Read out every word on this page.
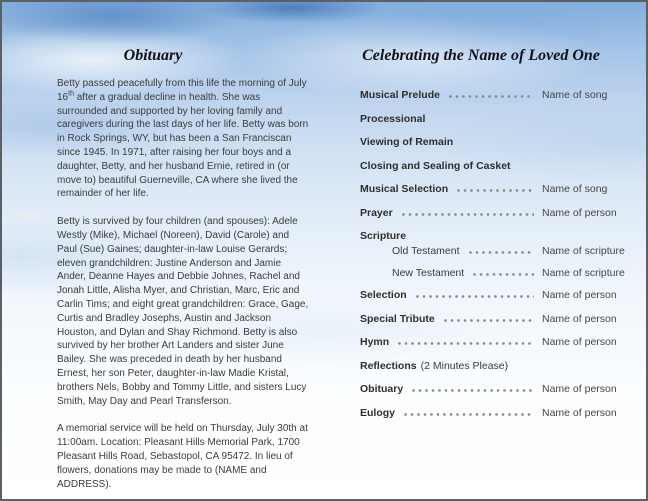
Servi
Obituary

Betty passed peacefully from this life the morning of July 16th after a gradual decline in health. She was surrounded and supported by her loving family and caregivers during the last days of her life. Betty was born in Rock Springs, WY, but has been a San Franciscan since 1945. In 1971, after raising her four boys and a daughter, Betty, and her husband Ernie, retired in (or move to) beautiful Guerneville, CA where she lived the remainder of her life.

Betty is survived by four children (and spouses): Adele Westly (Mike), Michael (Noreen), David (Carole) and Paul (Sue) Gaines; daughter-in-law Louise Gerards; eleven grandchildren: Justine Anderson and Jamie Ander, Deanne Hayes and Debbie Johnes, Rachel and Jonah Little, Alisha Myer, and Christian, Marc, Eric and Carlin Tims; and eight great grandchildren: Grace, Gage, Curtis and Bradley Josephs, Austin and Jackson Houston, and Dylan and Shay Richmond. Betty is also survived by her brother Art Landers and sister June Bailey. She was preceded in death by her husband Ernest, her son Peter, daughter-in-law Madie Kristal, brothers Nels, Bobby and Tommy Little, and sisters Lucy Smith, May Day and Pearl Transferson.

A memorial service will be held on Thursday, July 30th at 11:00am. Location: Pleasant Hills Memorial Park, 1700 Pleasant Hills Road, Sebastopol, CA 95472. In lieu of flowers, donations may be made to (NAME and ADDRESS).

Celebrating the Name of Loved One
Musical Prelude	Name of song
Processional
Viewing of Remain
Closing and Sealing of Casket
Musical Selection	Name of song
Prayer	Name of person
Scripture
Old Testament	Name of scripture
New Testament	Name of scripture
Selection	Name of person
Special Tribute	Name of person
Hymn	Name of person
Reflections (2 Minutes Please)
Obituary	Name of person
Eulogy	Name of person
